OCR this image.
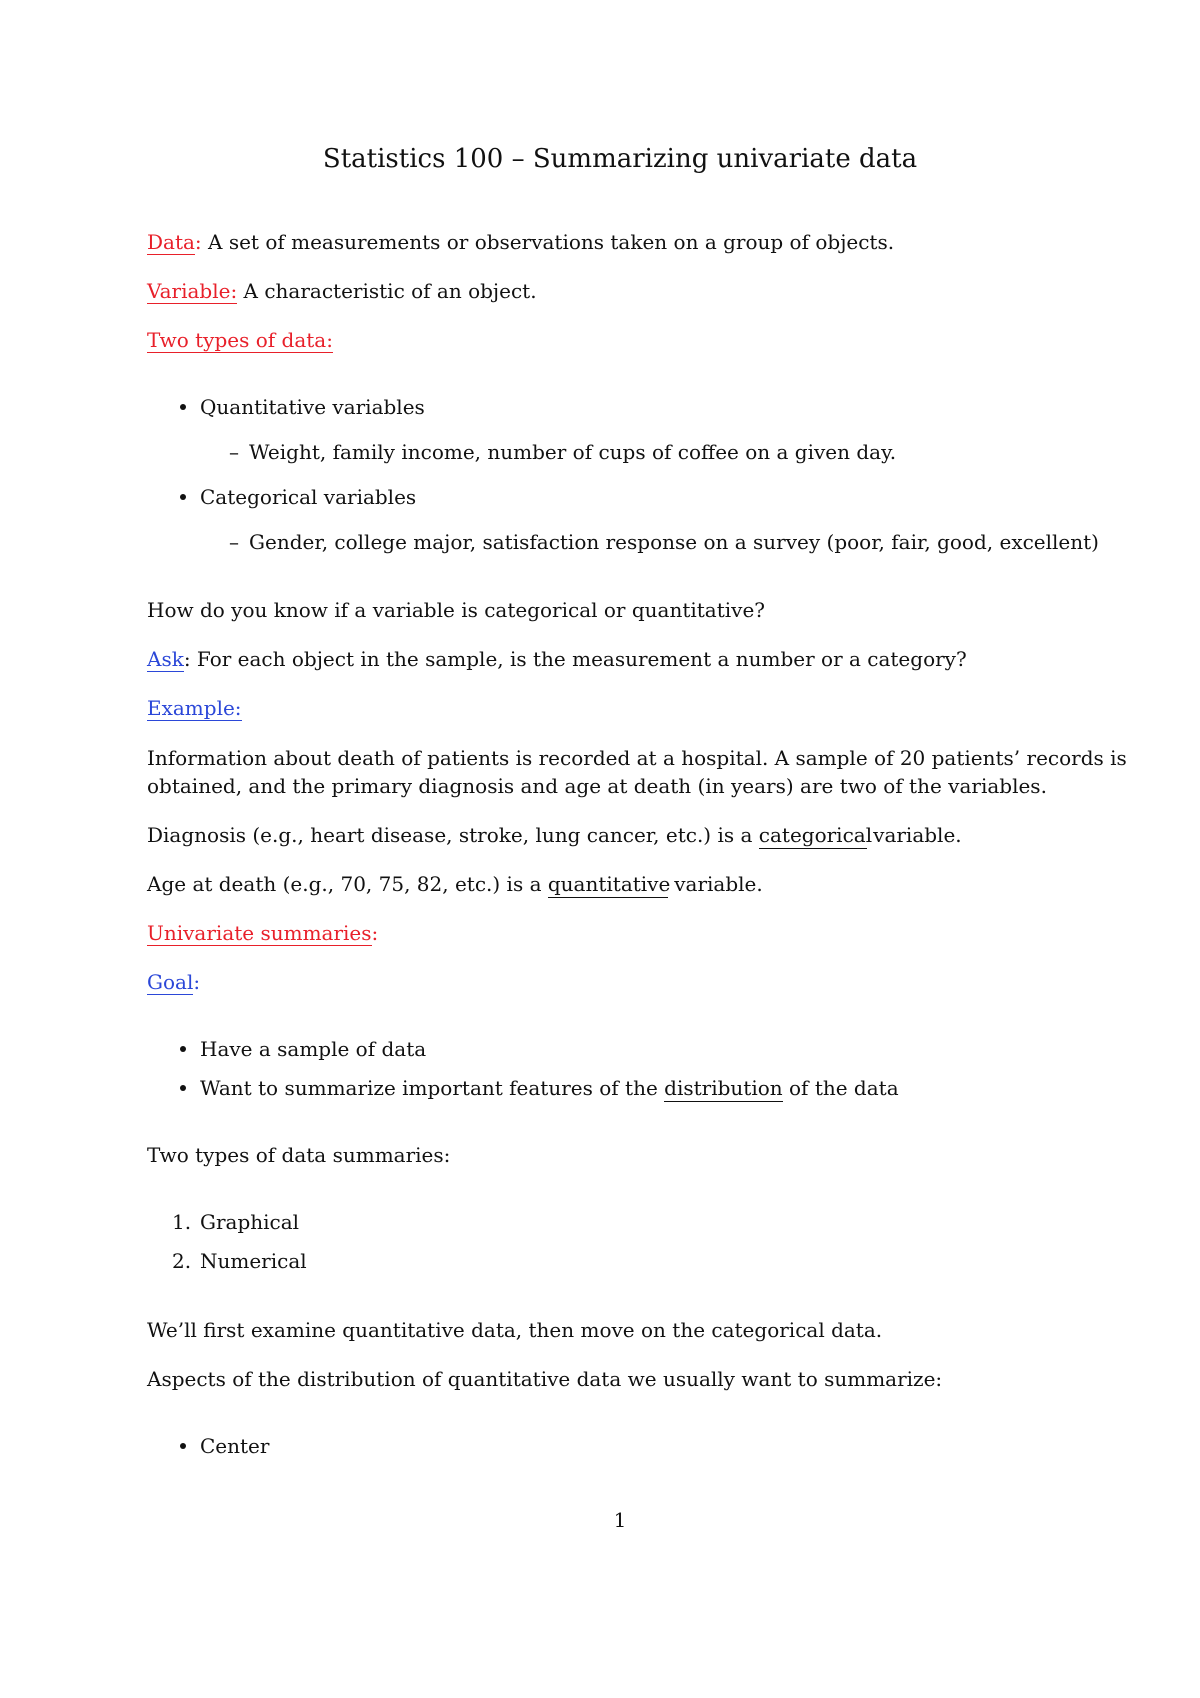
Statistics 100 – Summarizing univariate data
Data: A set of measurements or observations taken on a group of objects.
Variable: A characteristic of an object.
Two types of data:
Quantitative variables
– Weight, family income, number of cups of coffee on a given day.
Categorical variables
– Gender, college major, satisfaction response on a survey (poor, fair, good, excellent)
How do you know if a variable is categorical or quantitative?
Ask: For each object in the sample, is the measurement a number or a category?
Example:
Information about death of patients is recorded at a hospital. A sample of 20 patients’ records is
obtained, and the primary diagnosis and age at death (in years) are two of the variables.
Diagnosis (e.g., heart disease, stroke, lung cancer, etc.) is a categorical variable.
Age at death (e.g., 70, 75, 82, etc.) is a quantitative variable.
Univariate summaries:
Goal:
Have a sample of data
Want to summarize important features of the distribution of the data
Two types of data summaries:
1. Graphical
2. Numerical
We’ll first examine quantitative data, then move on the categorical data.
Aspects of the distribution of quantitative data we usually want to summarize:
Center
1
